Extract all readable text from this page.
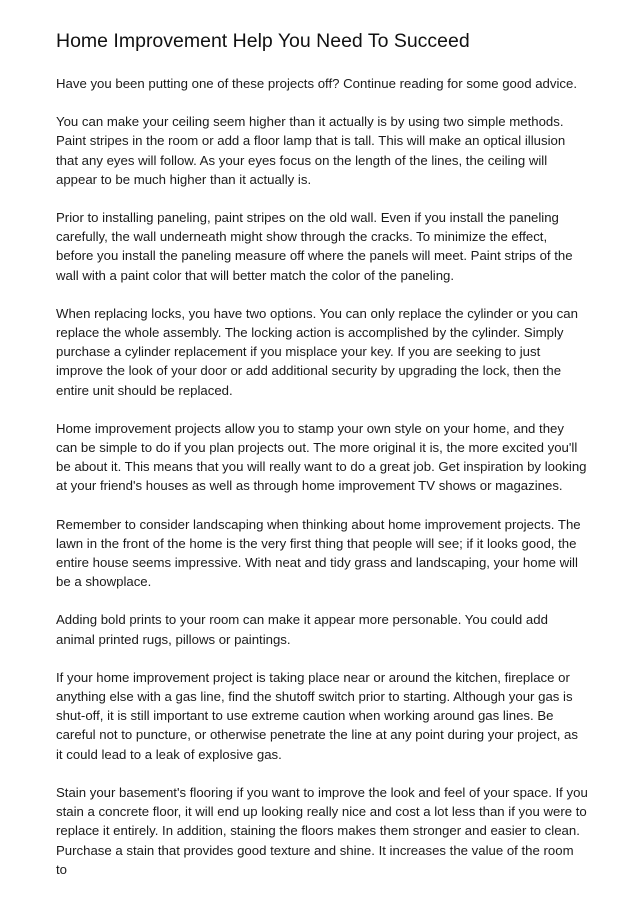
Home Improvement Help You Need To Succeed

Have you been putting one of these projects off? Continue reading for some good advice.

You can make your ceiling seem higher than it actually is by using two simple methods. Paint stripes in the room or add a floor lamp that is tall. This will make an optical illusion that any eyes will follow. As your eyes focus on the length of the lines, the ceiling will appear to be much higher than it actually is.

Prior to installing paneling, paint stripes on the old wall. Even if you install the paneling carefully, the wall underneath might show through the cracks. To minimize the effect, before you install the paneling measure off where the panels will meet. Paint strips of the wall with a paint color that will better match the color of the paneling.

When replacing locks, you have two options. You can only replace the cylinder or you can replace the whole assembly. The locking action is accomplished by the cylinder. Simply purchase a cylinder replacement if you misplace your key. If you are seeking to just improve the look of your door or add additional security by upgrading the lock, then the entire unit should be replaced.

Home improvement projects allow you to stamp your own style on your home, and they can be simple to do if you plan projects out. The more original it is, the more excited you'll be about it. This means that you will really want to do a great job. Get inspiration by looking at your friend's houses as well as through home improvement TV shows or magazines.

Remember to consider landscaping when thinking about home improvement projects. The lawn in the front of the home is the very first thing that people will see; if it looks good, the entire house seems impressive. With neat and tidy grass and landscaping, your home will be a showplace.

Adding bold prints to your room can make it appear more personable. You could add animal printed rugs, pillows or paintings.

If your home improvement project is taking place near or around the kitchen, fireplace or anything else with a gas line, find the shutoff switch prior to starting. Although your gas is shut-off, it is still important to use extreme caution when working around gas lines. Be careful not to puncture, or otherwise penetrate the line at any point during your project, as it could lead to a leak of explosive gas.

Stain your basement's flooring if you want to improve the look and feel of your space. If you stain a concrete floor, it will end up looking really nice and cost a lot less than if you were to replace it entirely. In addition, staining the floors makes them stronger and easier to clean. Purchase a stain that provides good texture and shine. It increases the value of the room to
